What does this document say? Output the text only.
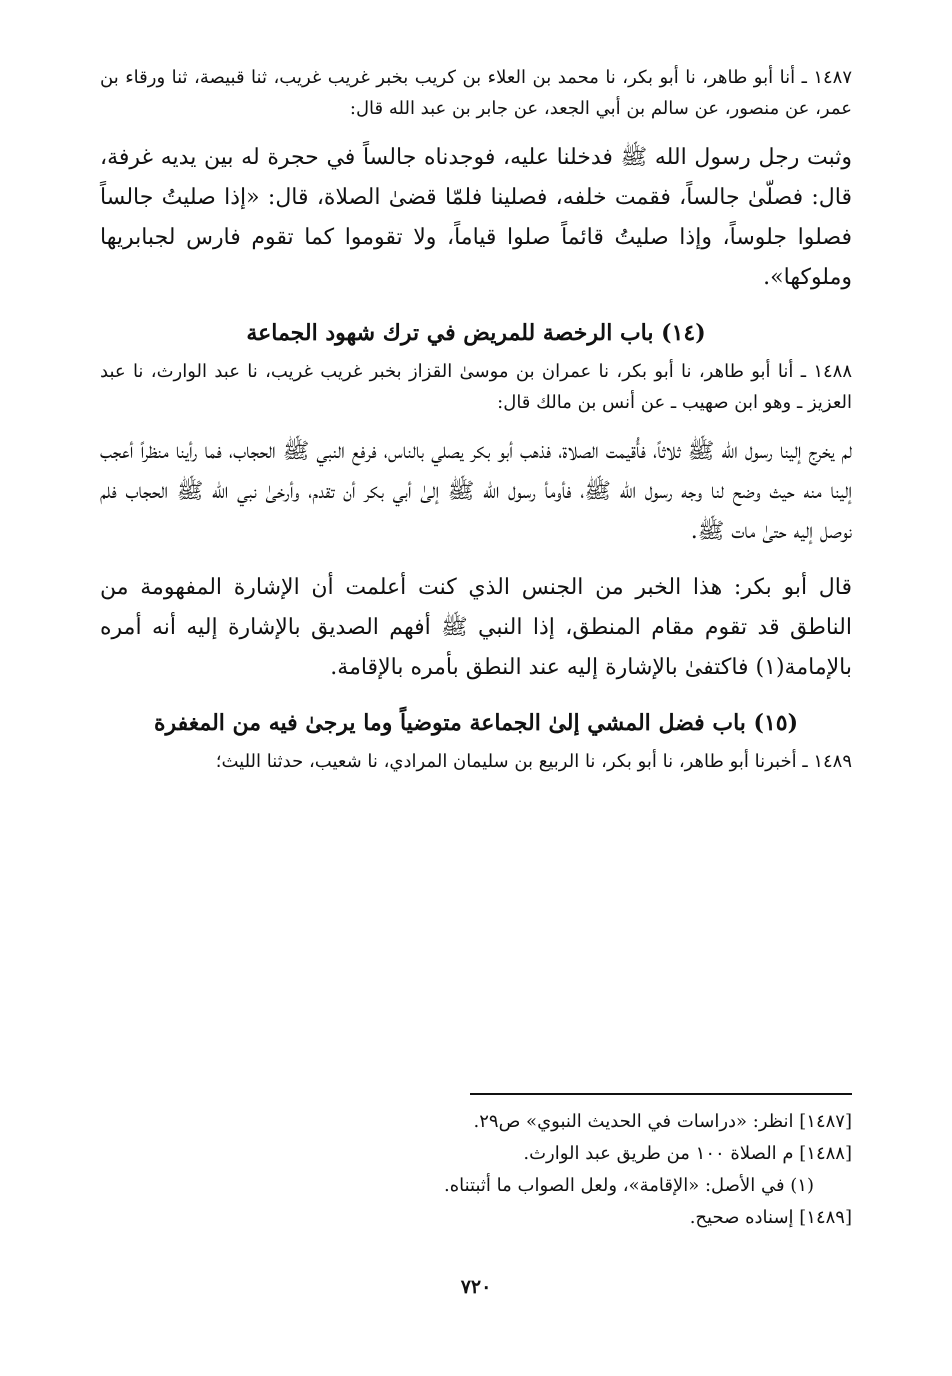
١٤٨٧ ـ أنا أبو طاهر، نا أبو بكر، نا محمد بن العلاء بن كريب بخبر غريب غريب، ثنا قبيصة، ثنا ورقاء بن عمر، عن منصور، عن سالم بن أبي الجعد، عن جابر بن عبد الله قال:

وثبت رجل رسول الله ﷺ فدخلنا عليه، فوجدناه جالساً في حجرة له بين يديه غرفة، قال: فصلّىٰ جالساً، فقمت خلفه، فصلينا فلمّا قضىٰ الصلاة، قال: «إذا صليتُ جالساً فصلوا جلوساً، وإذا صليتُ قائماً صلوا قياماً، ولا تقوموا كما تقوم فارس لجبابريها وملوكها».

(١٤) باب الرخصة للمريض في ترك شهود الجماعة

١٤٨٨ ـ أنا أبو طاهر، نا أبو بكر، نا عمران بن موسىٰ القزاز بخبر غريب غريب، نا عبد الوارث، نا عبد العزيز ـ وهو ابن صهيب ـ عن أنس بن مالك قال:

لم يخرج إلينا رسول الله ﷺ ثلاثاً، فأُقيمت الصلاة، فذهب أبو بكر يصلي بالناس، فرفع النبي ﷺ الحجاب، فما رأينا منظراً أعجب إلينا منه حيث وضح لنا وجه رسول الله ﷺ، فأومأ رسول الله ﷺ إلىٰ أبي بكر أن تقدم، وأرخىٰ نبي الله ﷺ الحجاب فلم نوصل إليه حتىٰ مات ﷺ.

قال أبو بكر: هذا الخبر من الجنس الذي كنت أعلمت أن الإشارة المفهومة من الناطق قد تقوم مقام المنطق، إذا النبي ﷺ أفهم الصديق بالإشارة إليه أنه أمره بالإمامة(١) فاكتفىٰ بالإشارة إليه عند النطق بأمره بالإقامة.

(١٥) باب فضل المشي إلىٰ الجماعة متوضياً وما يرجىٰ فيه من المغفرة

١٤٨٩ ـ أخبرنا أبو طاهر، نا أبو بكر، نا الربيع بن سليمان المرادي، نا شعيب، حدثنا الليث؛

[١٤٨٧] انظر: «دراسات في الحديث النبوي» ص٢٩.

[١٤٨٨] م الصلاة ١٠٠ من طريق عبد الوارث.

(١) في الأصل: «الإقامة»، ولعل الصواب ما أثبتناه.

[١٤٨٩] إسناده صحيح.

٧٢٠
